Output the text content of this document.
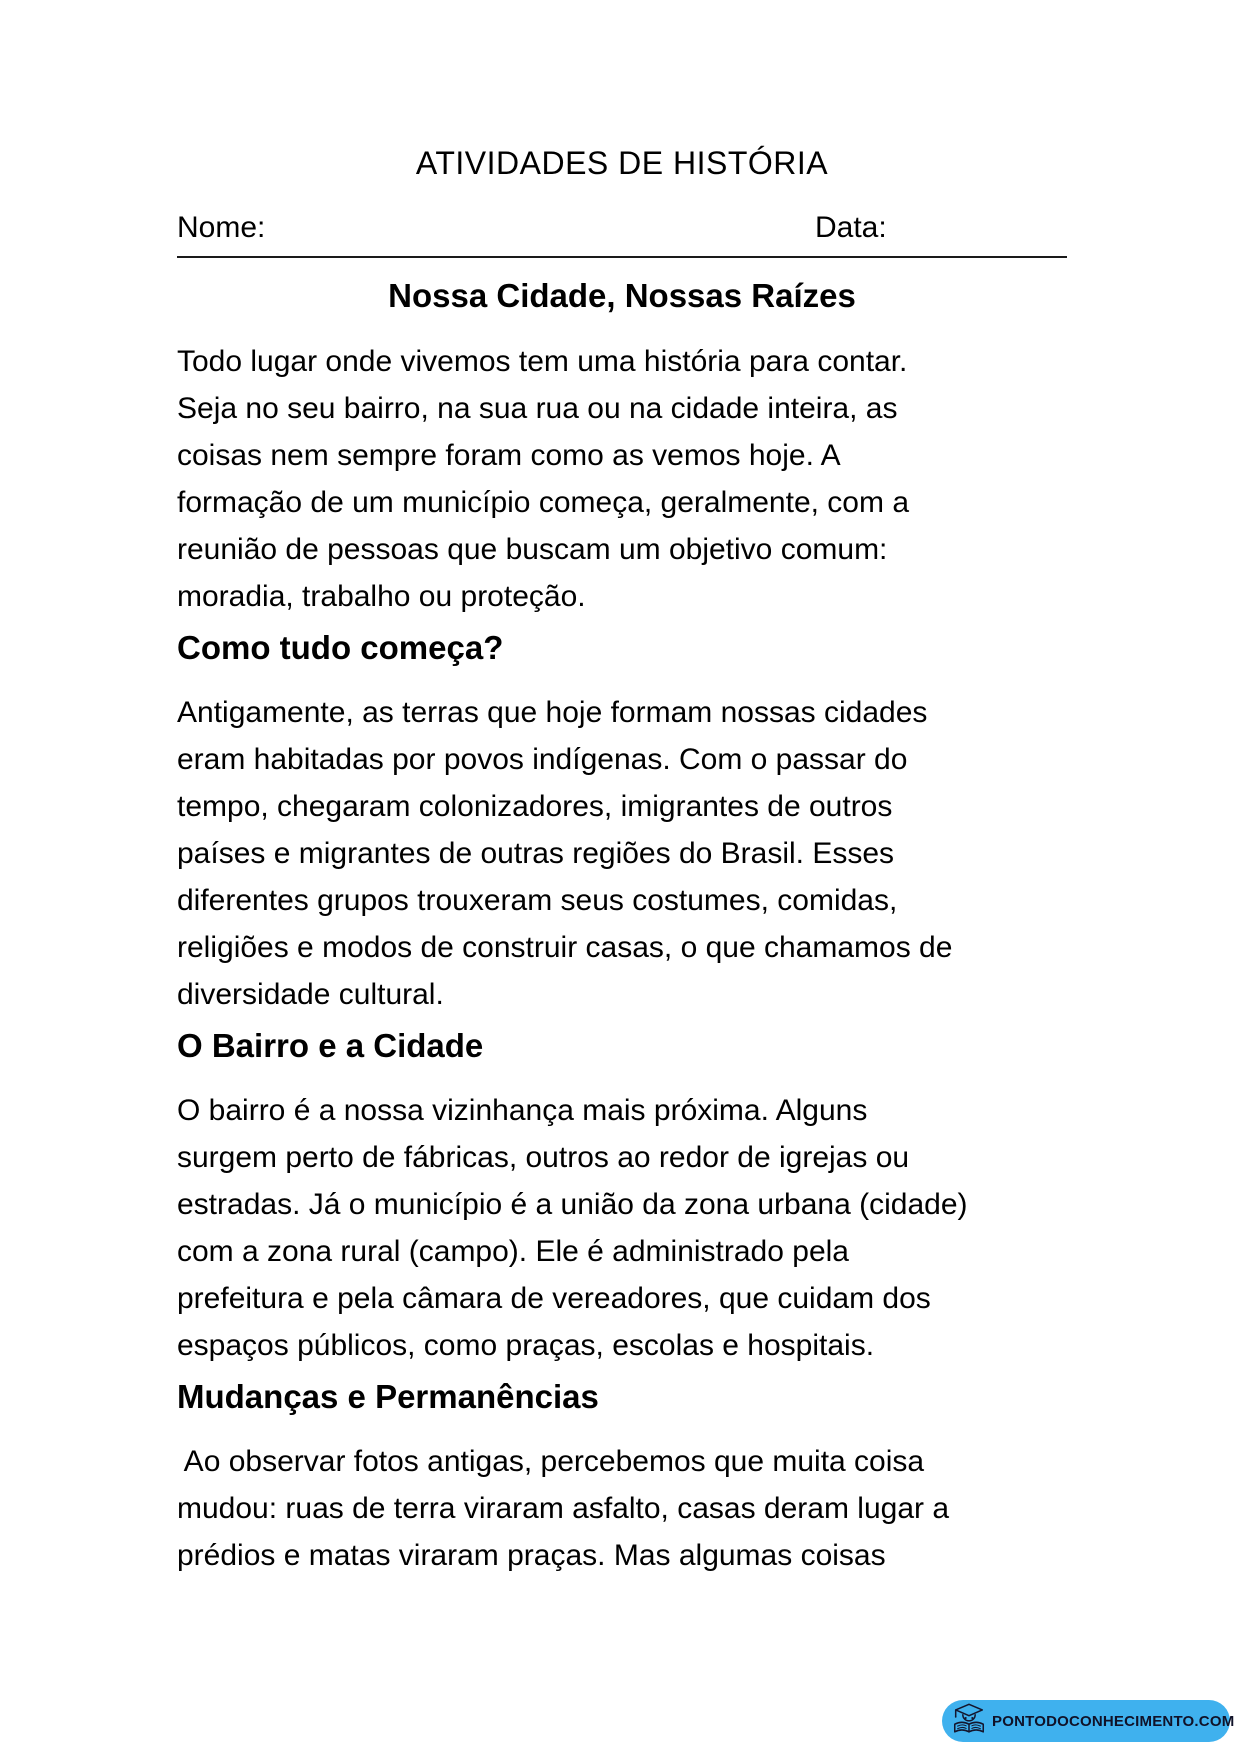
ATIVIDADES DE HISTÓRIA
Nome:	Data:
Nossa Cidade, Nossas Raízes
Todo lugar onde vivemos tem uma história para contar.
Seja no seu bairro, na sua rua ou na cidade inteira, as
coisas nem sempre foram como as vemos hoje. A
formação de um município começa, geralmente, com a
reunião de pessoas que buscam um objetivo comum:
moradia, trabalho ou proteção.
Como tudo começa?
Antigamente, as terras que hoje formam nossas cidades
eram habitadas por povos indígenas. Com o passar do
tempo, chegaram colonizadores, imigrantes de outros
países e migrantes de outras regiões do Brasil. Esses
diferentes grupos trouxeram seus costumes, comidas,
religiões e modos de construir casas, o que chamamos de
diversidade cultural.
O Bairro e a Cidade
O bairro é a nossa vizinhança mais próxima. Alguns
surgem perto de fábricas, outros ao redor de igrejas ou
estradas. Já o município é a união da zona urbana (cidade)
com a zona rural (campo). Ele é administrado pela
prefeitura e pela câmara de vereadores, que cuidam dos
espaços públicos, como praças, escolas e hospitais.
Mudanças e Permanências
Ao observar fotos antigas, percebemos que muita coisa
mudou: ruas de terra viraram asfalto, casas deram lugar a
prédios e matas viraram praças. Mas algumas coisas
PONTODOCONHECIMENTO.COM
